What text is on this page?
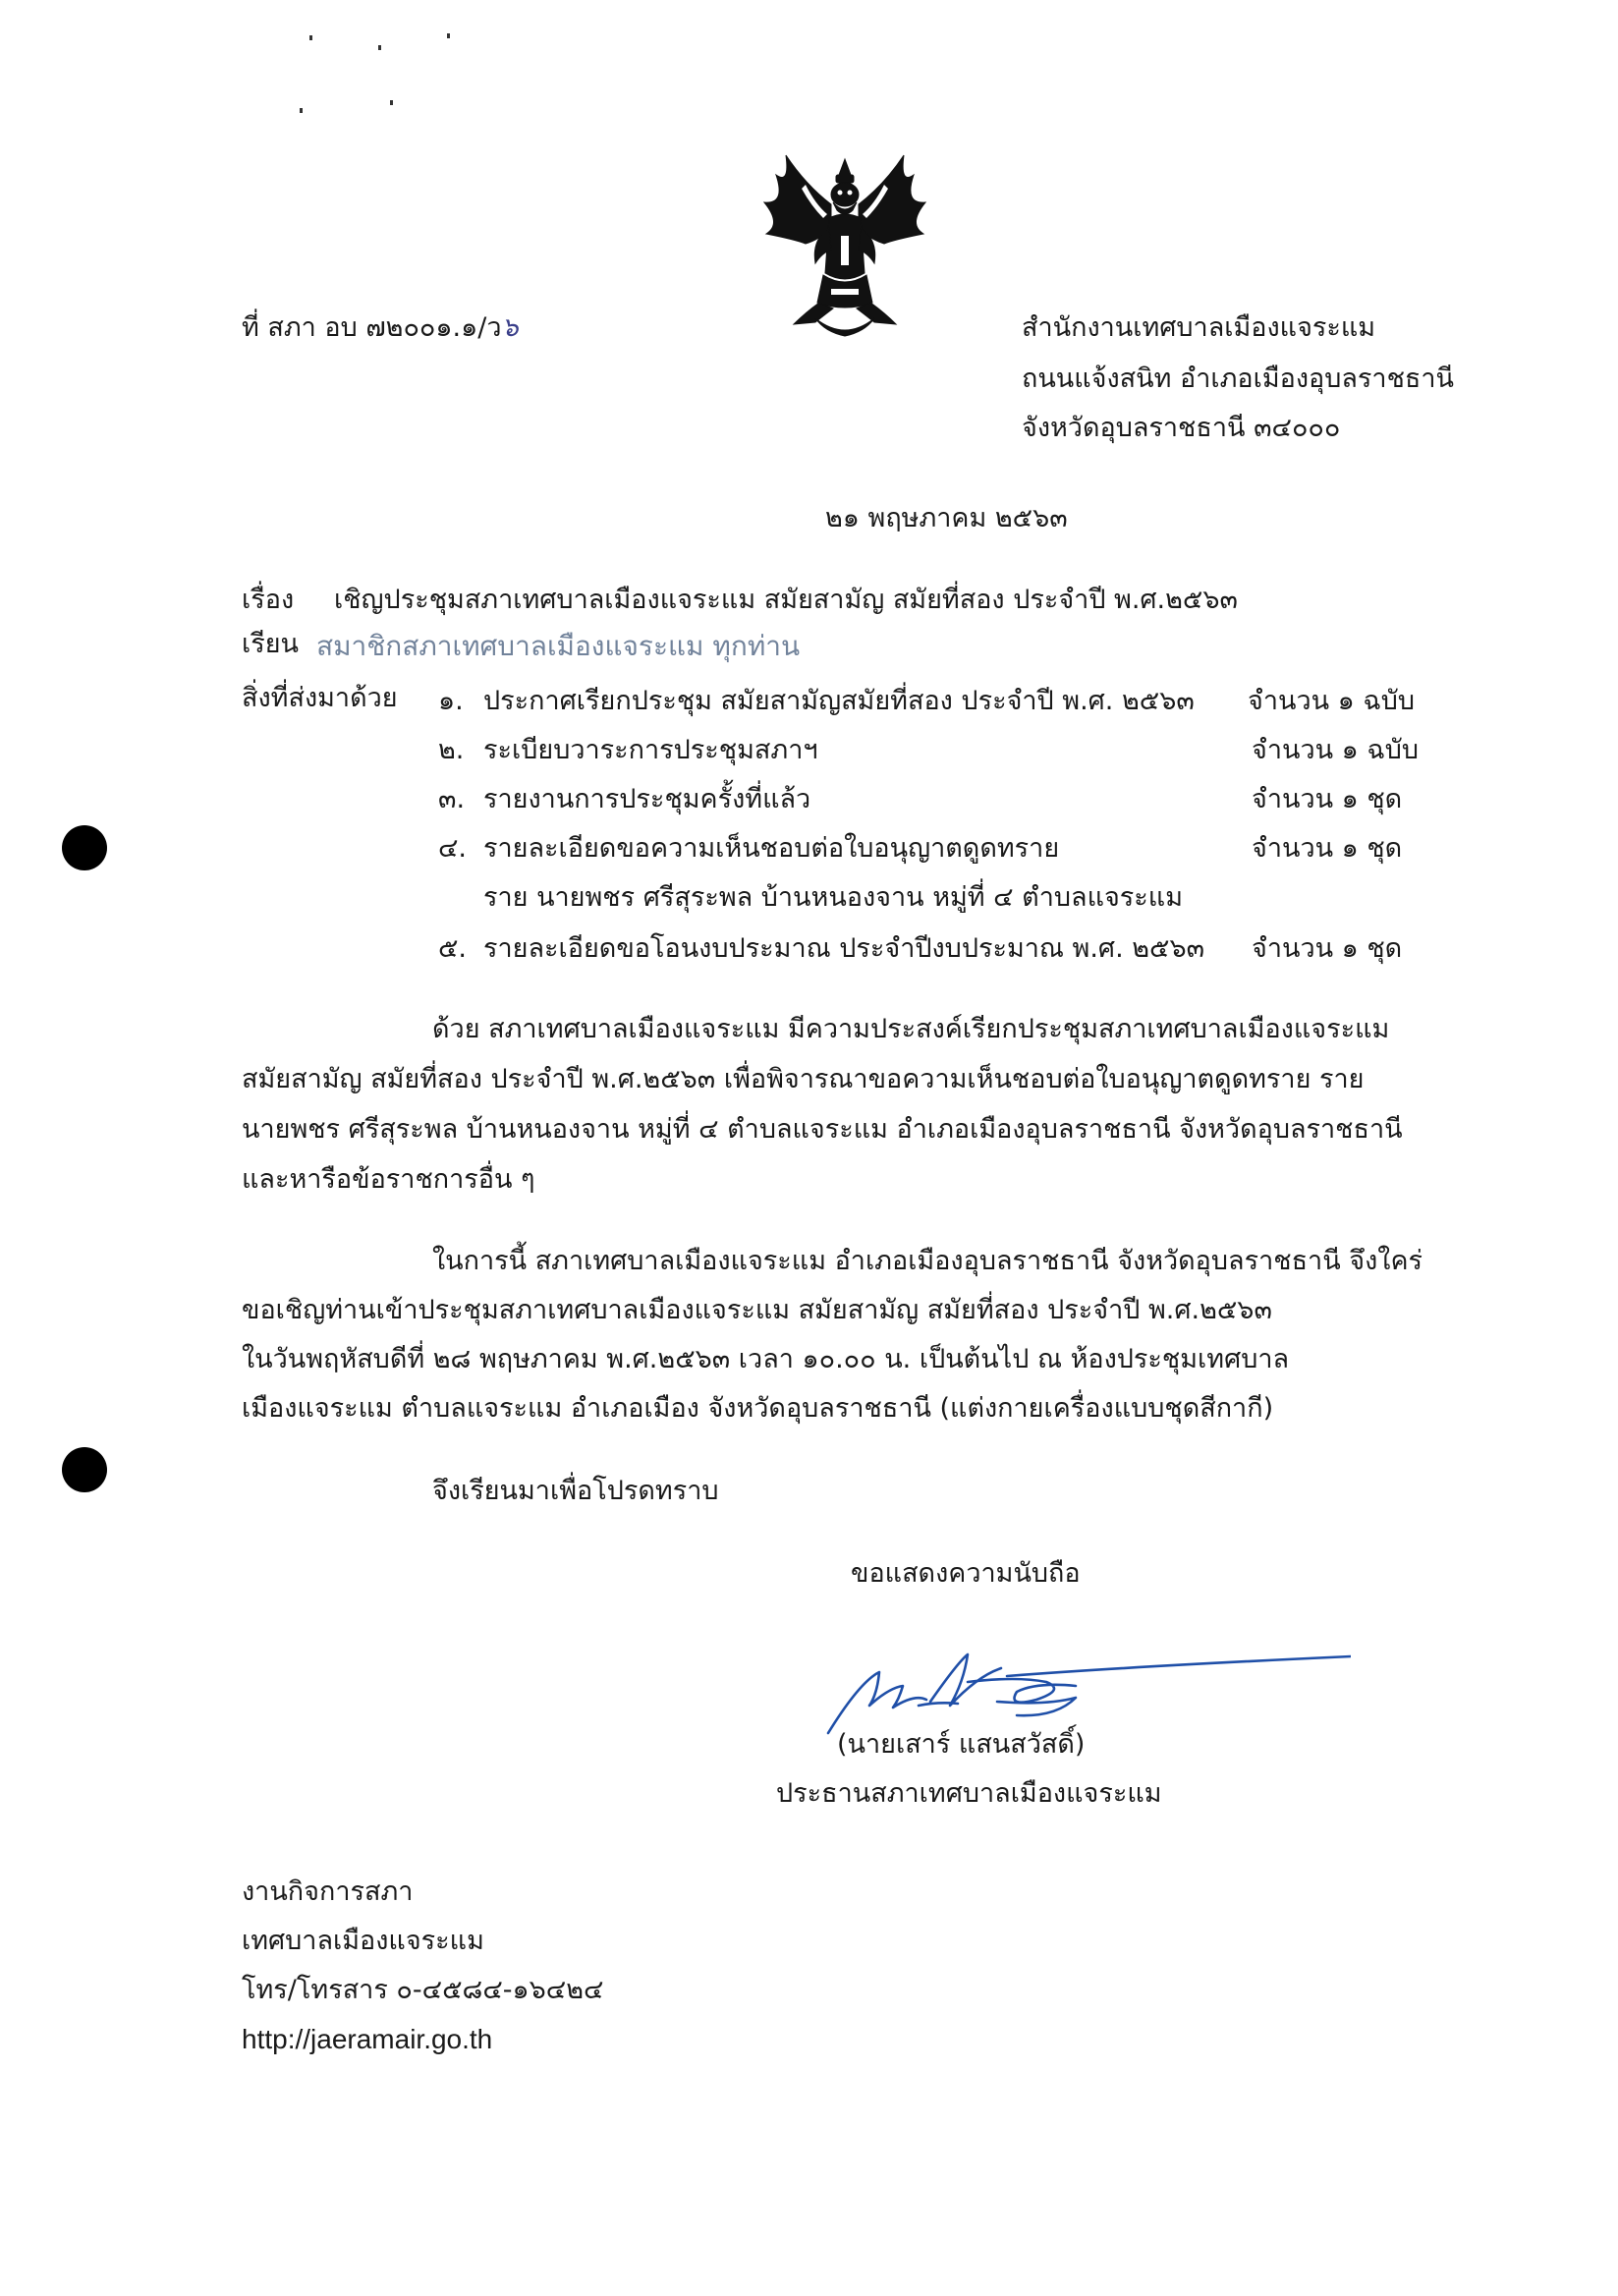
ที่ สภา อบ ๗๒๐๐๑.๑/ว๖	สำนักงานเทศบาลเมืองแจระแม
ถนนแจ้งสนิท อำเภอเมืองอุบลราชธานี
จังหวัดอุบลราชธานี ๓๔๐๐๐
๒๑ พฤษภาคม ๒๕๖๓
เรื่อง เชิญประชุมสภาเทศบาลเมืองแจระแม สมัยสามัญ สมัยที่สอง ประจำปี พ.ศ.๒๕๖๓
เรียน สมาชิกสภาเทศบาลเมืองแจระแม ทุกท่าน
สิ่งที่ส่งมาด้วย ๑. ประกาศเรียกประชุม สมัยสามัญสมัยที่สอง ประจำปี พ.ศ. ๒๕๖๓ จำนวน ๑ ฉบับ
๒. ระเบียบวาระการประชุมสภาฯ	จำนวน ๑ ฉบับ
๓. รายงานการประชุมครั้งที่แล้ว	จำนวน ๑ ชุด
๔. รายละเอียดขอความเห็นชอบต่อใบอนุญาตดูดทราย	จำนวน ๑ ชุด
ราย นายพชร ศรีสุระพล บ้านหนองจาน หมู่ที่ ๔ ตำบลแจระแม
๕. รายละเอียดขอโอนงบประมาณ ประจำปีงบประมาณ พ.ศ. ๒๕๖๓ จำนวน ๑ ชุด
ด้วย สภาเทศบาลเมืองแจระแม มีความประสงค์เรียกประชุมสภาเทศบาลเมืองแจระแม
สมัยสามัญ สมัยที่สอง ประจำปี พ.ศ.๒๕๖๓ เพื่อพิจารณาขอความเห็นชอบต่อใบอนุญาตดูดทราย ราย
นายพชร ศรีสุระพล บ้านหนองจาน หมู่ที่ ๔ ตำบลแจระแม อำเภอเมืองอุบลราชธานี จังหวัดอุบลราชธานี
และหารือข้อราชการอื่น ๆ
ในการนี้ สภาเทศบาลเมืองแจระแม อำเภอเมืองอุบลราชธานี จังหวัดอุบลราชธานี จึงใคร่
ขอเชิญท่านเข้าประชุมสภาเทศบาลเมืองแจระแม สมัยสามัญ สมัยที่สอง ประจำปี พ.ศ.๒๕๖๓
ในวันพฤหัสบดีที่ ๒๘ พฤษภาคม พ.ศ.๒๕๖๓ เวลา ๑๐.๐๐ น. เป็นต้นไป ณ ห้องประชุมเทศบาล
เมืองแจระแม ตำบลแจระแม อำเภอเมือง จังหวัดอุบลราชธานี (แต่งกายเครื่องแบบชุดสีกากี)
จึงเรียนมาเพื่อโปรดทราบ
ขอแสดงความนับถือ
(นายเสาร์ แสนสวัสดิ์)
ประธานสภาเทศบาลเมืองแจระแม
งานกิจการสภา
เทศบาลเมืองแจระแม
โทร/โทรสาร ๐-๔๕๘๔-๑๖๔๒๔
http://jaeramair.go.th
